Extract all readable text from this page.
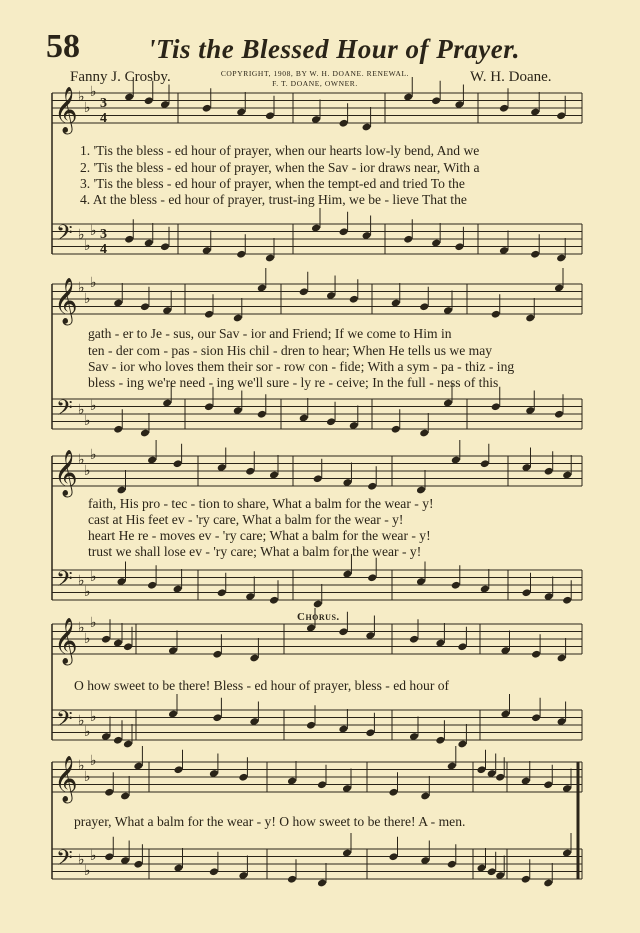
58	'Tis the Blessed Hour of Prayer.
Fanny J. Crosby.	COPYRIGHT, 1908, BY W. H. DOANE. RENEWAL.
F. T. DOANE, OWNER.	W. H. Doane.
𝄞
𝄢
♭
♭
♭
♭
♭
♭
3
4
3
4
𝄞
𝄢
♭
♭
♭
♭
♭
♭
𝄞
𝄢
♭
♭
♭
♭
♭
♭
𝄞
𝄢
♭
♭
♭
♭
♭
♭
𝄞
𝄢
♭
♭
♭
♭
♭
♭
1. 'Tis the bless - ed hour of prayer, when our hearts low-ly bend, And we
2. 'Tis the bless - ed hour of prayer, when the Sav - ior draws near, With a
3. 'Tis the bless - ed hour of prayer, when the tempt-ed and tried To the
4. At the bless - ed hour of prayer, trust-ing Him, we be - lieve That the
gath - er to Je - sus, our Sav - ior and Friend; If we come to Him in
ten - der com - pas - sion His chil - dren to hear; When He tells us we may
Sav - ior who loves them their sor - row con - fide; With a sym - pa - thiz - ing
bless - ing we're need - ing we'll sure - ly re - ceive; In the full - ness of this
faith, His pro - tec - tion to share, What a balm for the wear - y!
cast at His feet ev - 'ry care, What a balm for the wear - y!
heart He re - moves ev - 'ry care; What a balm for the wear - y!
trust we shall lose ev - 'ry care; What a balm for the wear - y!
Chorus.
O how sweet to be there! Bless - ed hour of prayer, bless - ed hour of
prayer, What a balm for the wear - y! O how sweet to be there! A - men.
